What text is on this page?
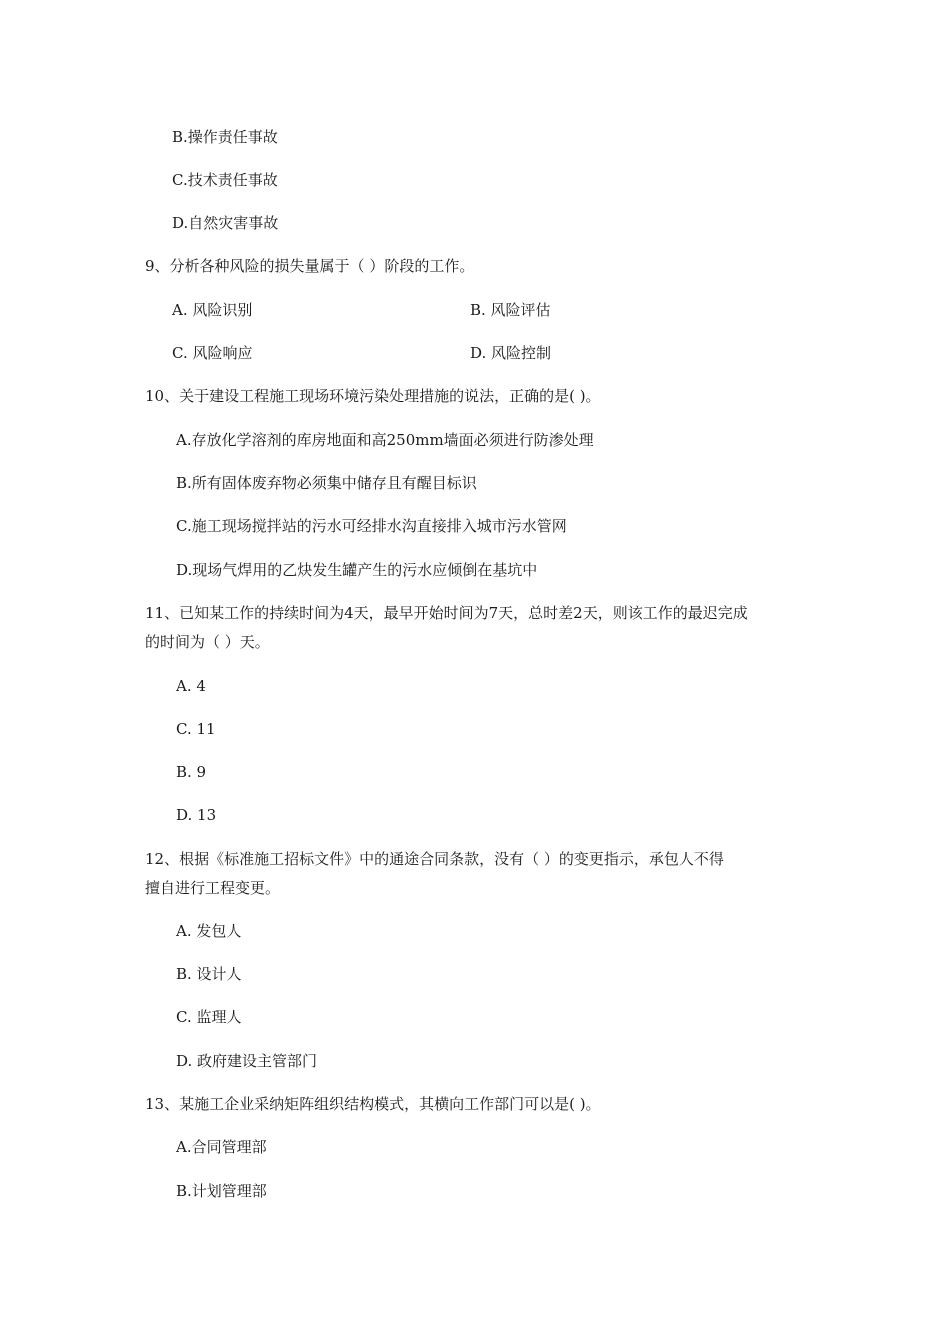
B.操作责任事故
C.技术责任事故
D.自然灾害事故
9、分析各种风险的损失量属于（ ）阶段的工作。
A. 风险识别	B. 风险评估
C. 风险响应	D. 风险控制
10、关于建设工程施工现场环境污染处理措施的说法，正确的是( )。
A.存放化学溶剂的库房地面和高250mm墙面必须进行防渗处理
B.所有固体废弃物必须集中储存且有醒目标识
C.施工现场搅拌站的污水可经排水沟直接排入城市污水管网
D.现场气焊用的乙炔发生罐产生的污水应倾倒在基坑中
11、已知某工作的持续时间为4天，最早开始时间为7天，总时差2天，则该工作的最迟完成
的时间为（ ）天。
A. 4
C. 11
B. 9
D. 13
12、根据《标准施工招标文件》中的通途合同条款，没有（ ）的变更指示，承包人不得
擅自进行工程变更。
A. 发包人
B. 设计人
C. 监理人
D. 政府建设主管部门
13、某施工企业采纳矩阵组织结构模式，其横向工作部门可以是( )。
A.合同管理部
B.计划管理部
